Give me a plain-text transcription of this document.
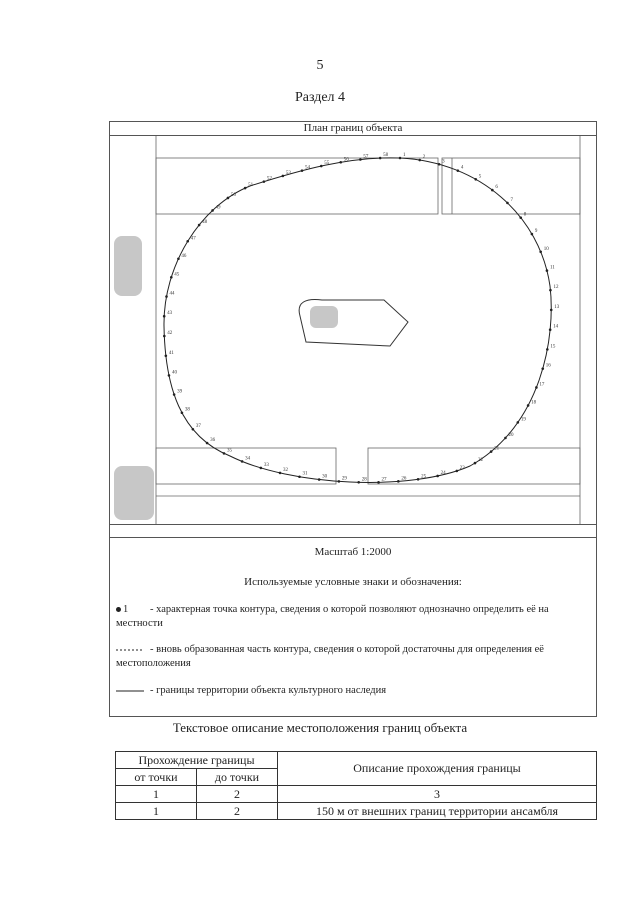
5
Раздел 4
План границ объекта
1	2
3
4
5
6
7
8
9
10
11
12
13
14
15
16
17
18
19
20
21
22
23
24
25
26
27
28
29
30
31
32
33
34
35
36
37
38
39
40
41
42
43
44
45
46
47
48
49
50
51
52
53
54
55
56
57	58
Масштаб 1:2000
Используемые условные знаки и обозначения:
1 - характерная точка контура, сведения о которой позволяют однозначно определить её на местности
- вновь образованная часть контура, сведения о которой достаточны для определения её местоположения
- границы территории объекта культурного наследия
Текстовое описание местоположения границ объекта
Прохождение границы		Описание прохождения границы
от точки	до точки	
1	2	3
1	2	150 м от внешних границ территории ансамбля
